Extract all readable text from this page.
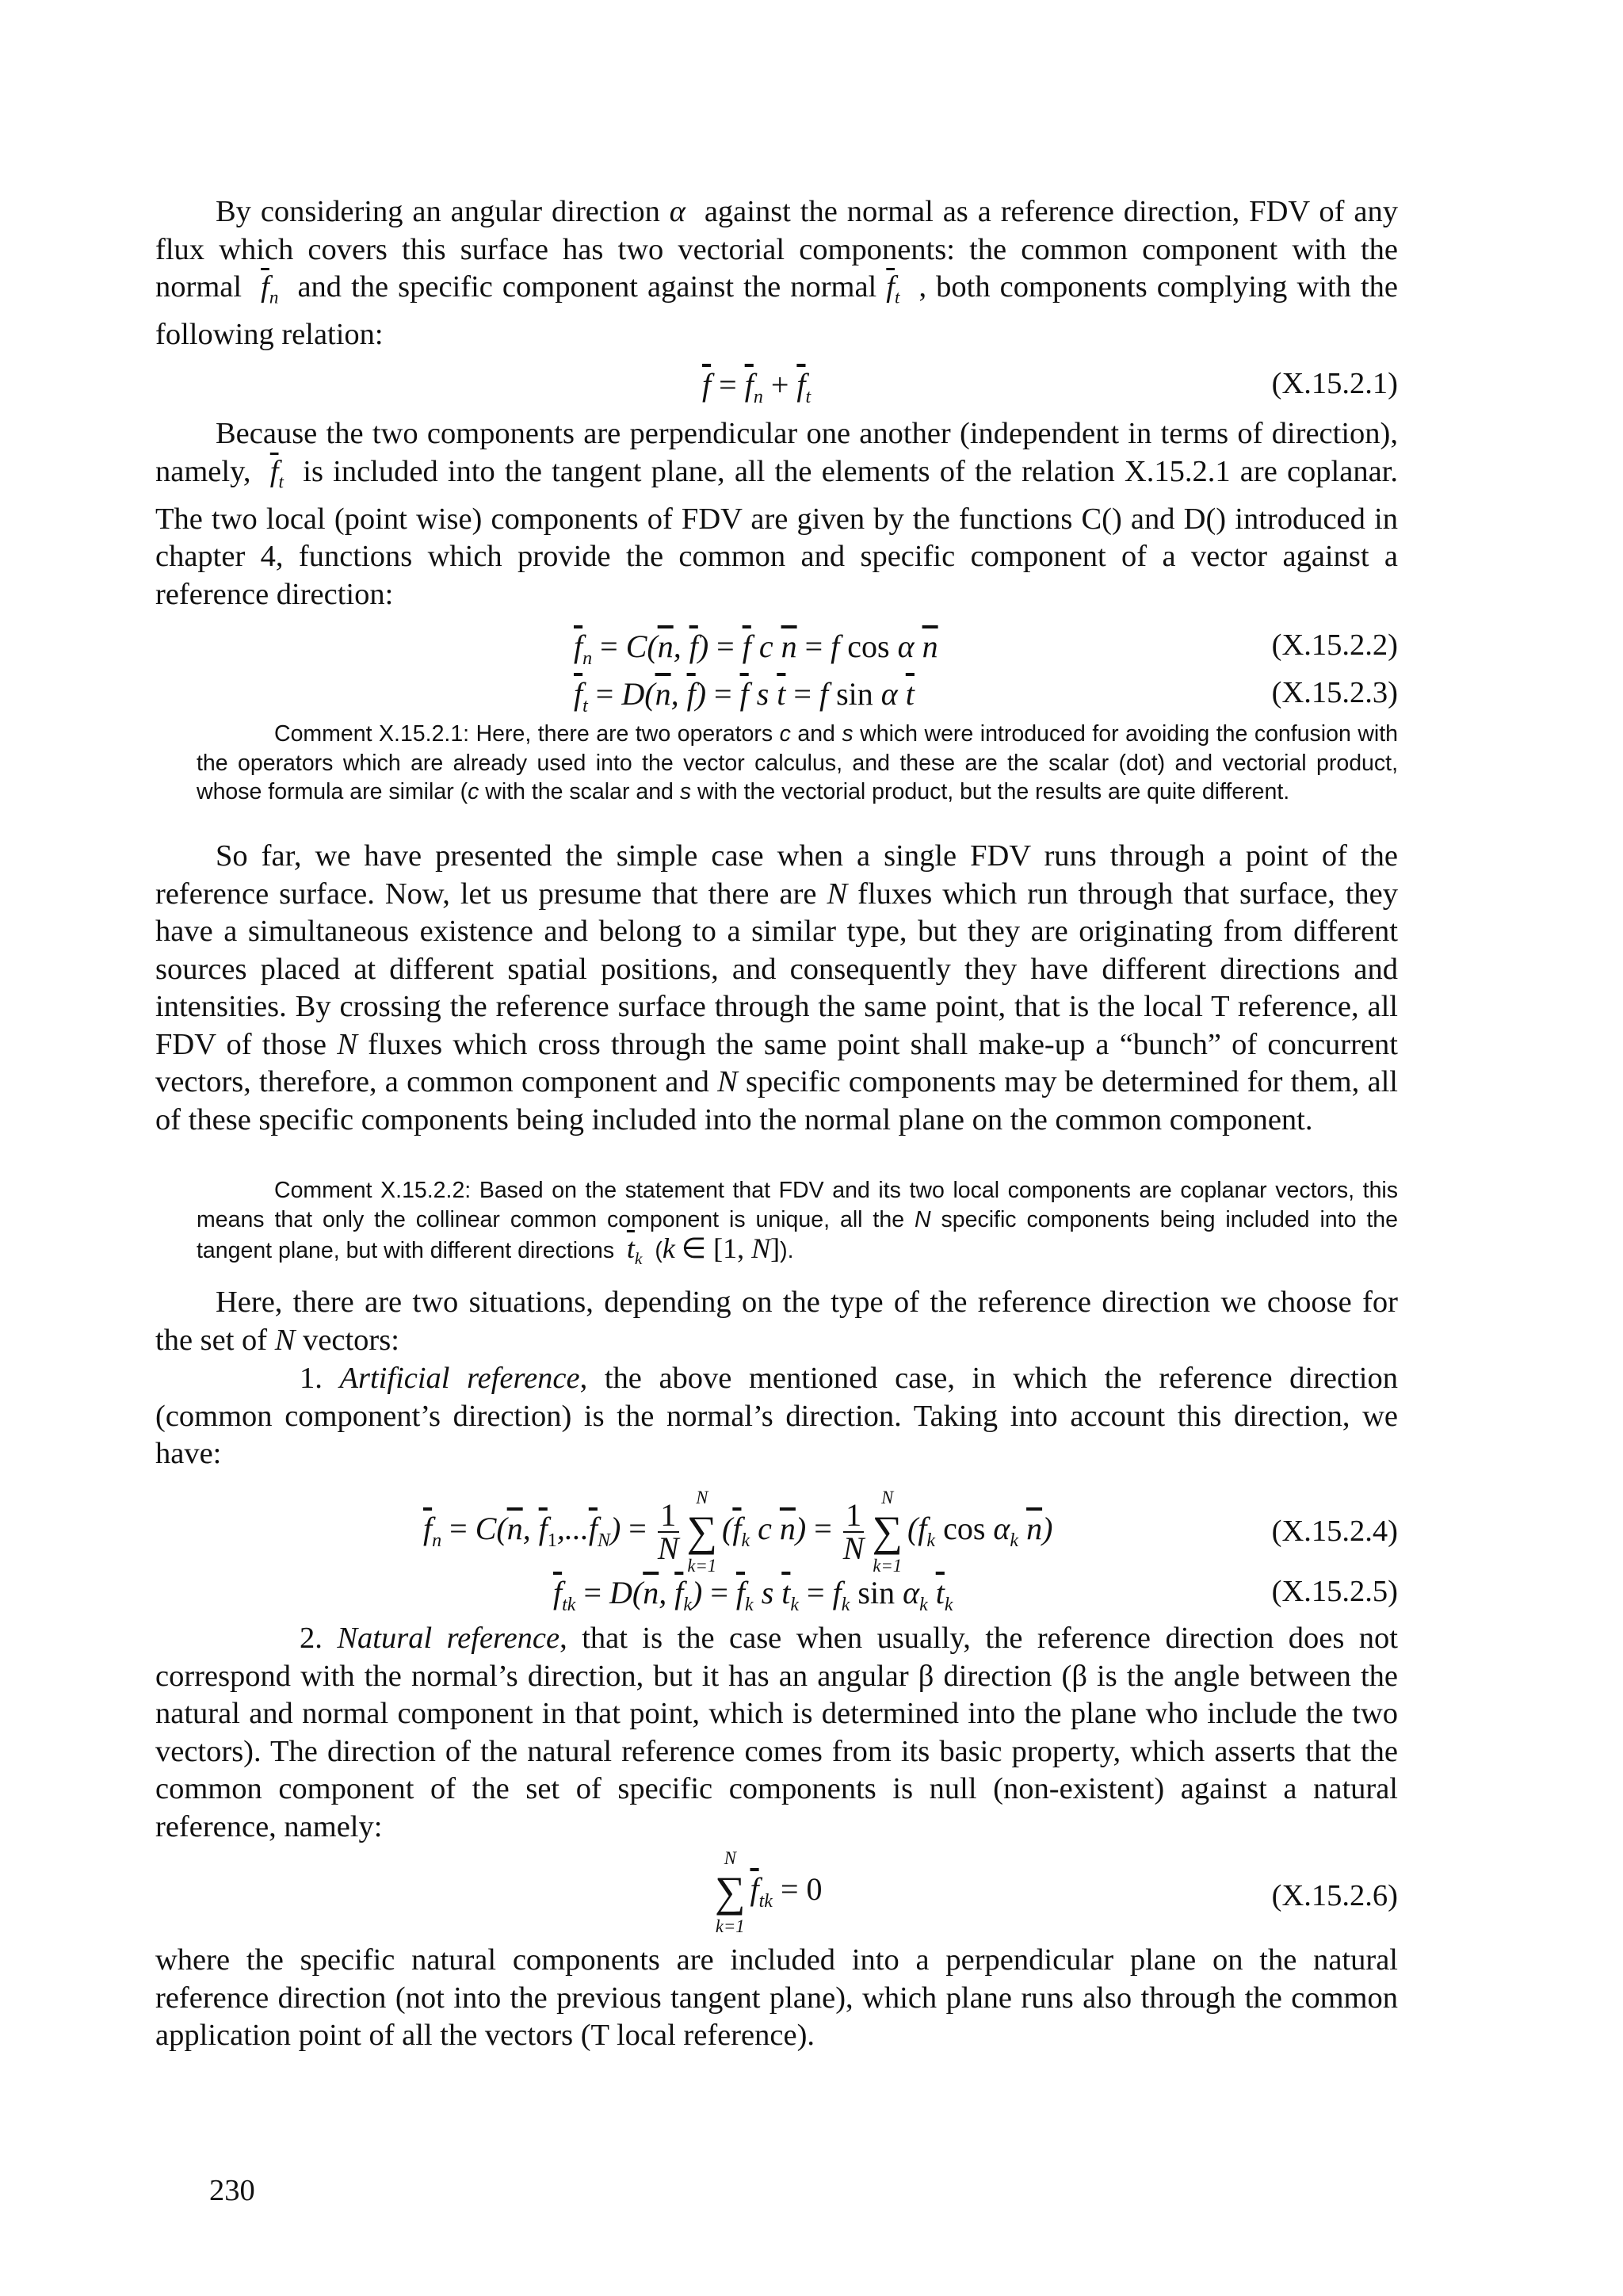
By considering an angular direction α  against the normal as a reference direction, FDV of any flux which covers this surface has two vectorial components: the common component with the normal  $\overline{f}_n$  and the specific component against the normal $\overline{f}_t$  , both components complying with the following relation:

$\overline{f} = \overline{f}_n + \overline{f}_t$	(X.15.2.1)

Because the two components are perpendicular one another (independent in terms of direction), namely,  $\overline{f}_t$  is included into the tangent plane, all the elements of the relation X.15.2.1 are coplanar. The two local (point wise) components of FDV are given by the functions C() and D() introduced in chapter 4, functions which provide the common and specific component of a vector against a reference direction:

$\overline{f}_n = C(\overline{n}$, $\overline{f}) = \overline{f}$ c $\overline{n} = f$ cos α $\overline{n}$	(X.15.2.2)
$\overline{f}_t = D(\overline{n}$, $\overline{f}) = \overline{f}$ s $\overline{t} = f$ sin α $\overline{t}$	(X.15.2.3)

Comment X.15.2.1: Here, there are two operators c and s which were introduced for avoiding the confusion with the operators which are already used into the vector calculus, and these are the scalar (dot) and vectorial product, whose formula are similar (c with the scalar and s with the vectorial product, but the results are quite different.

So far, we have presented the simple case when a single FDV runs through a point of the reference surface. Now, let us presume that there are N fluxes which run through that surface, they have a simultaneous existence and belong to a similar type, but they are originating from different sources placed at different spatial positions, and consequently they have different directions and intensities. By crossing the reference surface through the same point, that is the local T reference, all FDV of those N fluxes which cross through the same point shall make-up a “bunch” of concurrent vectors, therefore, a common component and N specific components may be determined for them, all of these specific components being included into the normal plane on the common component.

Comment X.15.2.2: Based on the statement that FDV and its two local components are coplanar vectors, this means that only the collinear common component is unique, all the N specific components being included into the tangent plane, but with different directions  $\overline{t}_k$  (k ∈ [1, N]).

Here, there are two situations, depending on the type of the reference direction we choose for the set of N vectors:

1. Artificial reference, the above mentioned case, in which the reference direction (common component’s direction) is the normal’s direction. Taking into account this direction, we have:

$\overline{f}_n = C(\overline{n}$, $\overline{f}_1,...\overline{f}_N) = \frac{1}{N}$ ∑
N
k=1
($\overline{f}_k$ c $\overline{n}) = \frac{1}{N}$ ∑
N
k=1
($f_k$ $\cos \alpha_k$ $\overline{n}$)	(X.15.2.4)
$\overline{f}_{tk} = D(\overline{n}$, $\overline{f}_k) = \overline{f}_k$ s $\overline{t}_k = f_k$ $\sin \alpha_k$ $\overline{t}_k$	(X.15.2.5)

2. Natural reference, that is the case when usually, the reference direction does not correspond with the normal’s direction, but it has an angular β direction (β is the angle between the natural and normal component in that point, which is determined into the plane who include the two vectors). The direction of the natural reference comes from its basic property, which asserts that the common component of the set of specific components is null (non-existent) against a natural reference, namely:

∑
N
k=1
$\overline{f}_{tk} = 0$	(X.15.2.6)

where the specific natural components are included into a perpendicular plane on the natural reference direction (not into the previous tangent plane), which plane runs also through the common application point of all the vectors (T local reference).

230
